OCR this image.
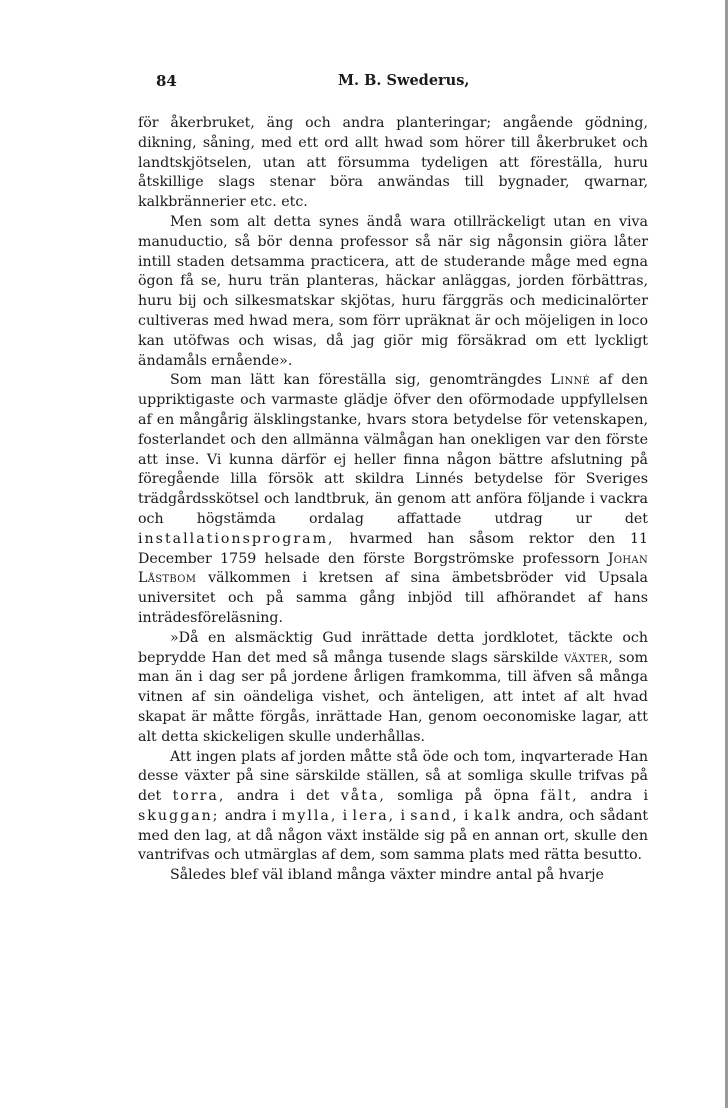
84	M. B. Swederus,

för åkerbruket, äng och andra planteringar; angående gödning, dikning, såning, med ett ord allt hwad som hörer till åkerbruket och landtskjötselen, utan att försumma tydeligen att föreställa, huru åtskillige slags stenar böra anwändas till bygnader, qwarnar, kalkbrännerier etc. etc.

Men som alt detta synes ändå wara otillräckeligt utan en viva manuductio, så bör denna professor så när sig någonsin giöra låter intill staden detsamma practicera, att de studerande måge med egna ögon få se, huru trän planteras, häckar anläggas, jorden förbättras, huru bij och silkesmatskar skjötas, huru färggräs och medicinalörter cultiveras med hwad mera, som förr upräknat är och möjeligen in loco kan utöfwas och wisas, då jag giör mig försäkrad om ett lyckligt ändamåls ernående».

Som man lätt kan föreställa sig, genomträngdes Linné af den uppriktigaste och varmaste glädje öfver den oförmodade uppfyllelsen af en mångårig älsklingstanke, hvars stora betydelse för vetenskapen, fosterlandet och den allmänna välmågan han onekligen var den förste att inse. Vi kunna därför ej heller finna någon bättre afslutning på föregående lilla försök att skildra Linnés betydelse för Sveriges trädgårdsskötsel och landtbruk, än genom att anföra följande i vackra och högstämda ordalag affattade utdrag ur det installationsprogram, hvarmed han såsom rektor den 11 December 1759 helsade den förste Borgströmske professorn Johan Låstbom välkommen i kretsen af sina ämbetsbröder vid Upsala universitet och på samma gång inbjöd till afhörandet af hans inträdesföreläsning.

»Då en alsmäcktig Gud inrättade detta jordklotet, täckte och beprydde Han det med så många tusende slags särskilde växter, som man än i dag ser på jordene årligen framkomma, till äfven så många vitnen af sin oändeliga vishet, och änteligen, att intet af alt hvad skapat är måtte förgås, inrättade Han, genom oeconomiske lagar, att alt detta skickeligen skulle underhållas.

Att ingen plats af jorden måtte stå öde och tom, inqvarterade Han desse växter på sine särskilde ställen, så at somliga skulle trifvas på det torra, andra i det våta, somliga på öpna fält, andra i skuggan; andra i mylla, i lera, i sand, i kalk andra, och sådant med den lag, at då någon växt instälde sig på en annan ort, skulle den vantrifvas och utmärglas af dem, som samma plats med rätta besutto.

Således blef väl ibland många växter mindre antal på hvarje
